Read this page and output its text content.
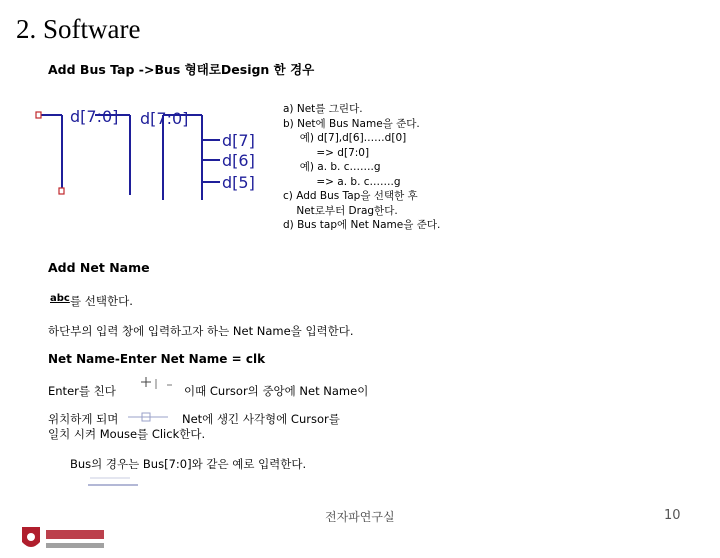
2. Software
Add Bus Tap ->Bus 형태로Design 한 경우
d[7:0] d[7:0]
d[7]
d[6]
d[5]
a) Net를 그린다.
b) Net에 Bus Name을 준다.
예) d[7],d[6]……d[0]
=> d[7:0]
예) a. b. c…….g
=> a. b. c…….g
c) Add Bus Tap을 선택한 후
Net로부터 Drag한다.
d) Bus tap에 Net Name을 준다.
Add Net Name
abc 를 선택한다.
하단부의 입력 창에 입력하고자 하는 Net Name을 입력한다.
Net Name-Enter Net Name = clk
Enter를 친다	이때 Cursor의 중앙에 Net Name이
위치하게 되며	Net에 생긴 사각형에 Cursor를
일치 시켜 Mouse를 Click한다.
Bus의 경우는 Bus[7:0]와 같은 예로 입력한다.

전자파연구실	10
